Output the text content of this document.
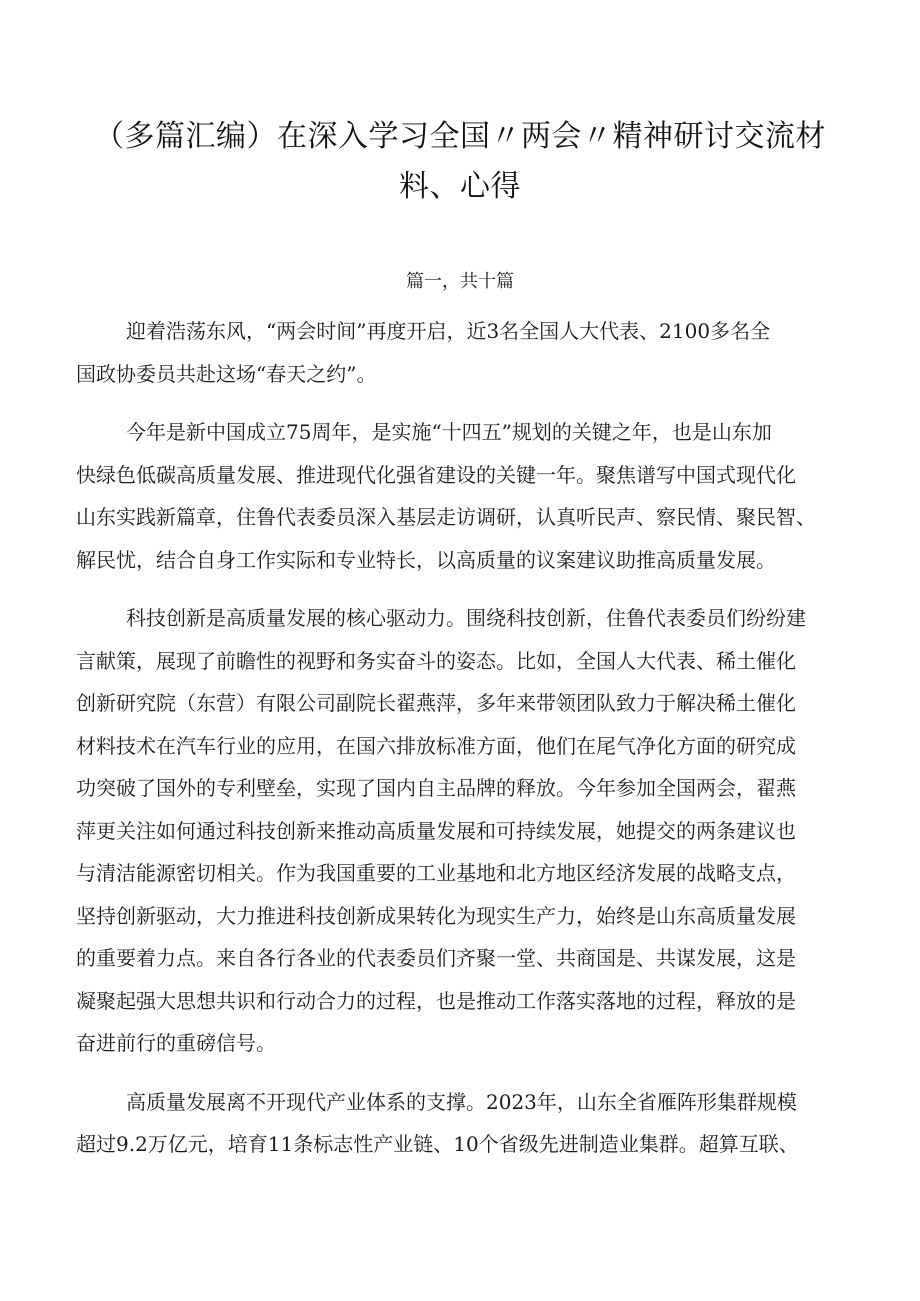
（多篇汇编）在深入学习全国〃两会〃精神研讨交流材
料、心得
篇一，共十篇
迎着浩荡东风，“两会时间”再度开启，近3名全国人大代表、2100多名全
国政协委员共赴这场“春天之约”。
今年是新中国成立75周年，是实施“十四五”规划的关键之年，也是山东加
快绿色低碳高质量发展、推进现代化强省建设的关键一年。聚焦谱写中国式现代化
山东实践新篇章，住鲁代表委员深入基层走访调研，认真听民声、察民情、聚民智、
解民忧，结合自身工作实际和专业特长，以高质量的议案建议助推高质量发展。
科技创新是高质量发展的核心驱动力。围绕科技创新，住鲁代表委员们纷纷建
言献策，展现了前瞻性的视野和务实奋斗的姿态。比如，全国人大代表、稀土催化
创新研究院（东营）有限公司副院长翟燕萍，多年来带领团队致力于解决稀土催化
材料技术在汽车行业的应用，在国六排放标准方面，他们在尾气净化方面的研究成
功突破了国外的专利壁垒，实现了国内自主品牌的释放。今年参加全国两会，翟燕
萍更关注如何通过科技创新来推动高质量发展和可持续发展，她提交的两条建议也
与清洁能源密切相关。作为我国重要的工业基地和北方地区经济发展的战略支点，
坚持创新驱动，大力推进科技创新成果转化为现实生产力，始终是山东高质量发展
的重要着力点。来自各行各业的代表委员们齐聚一堂、共商国是、共谋发展，这是
凝聚起强大思想共识和行动合力的过程，也是推动工作落实落地的过程，释放的是
奋进前行的重磅信号。
高质量发展离不开现代产业体系的支撑。2023年，山东全省雁阵形集群规模
超过9.2万亿元，培育11条标志性产业链、10个省级先进制造业集群。超算互联、
